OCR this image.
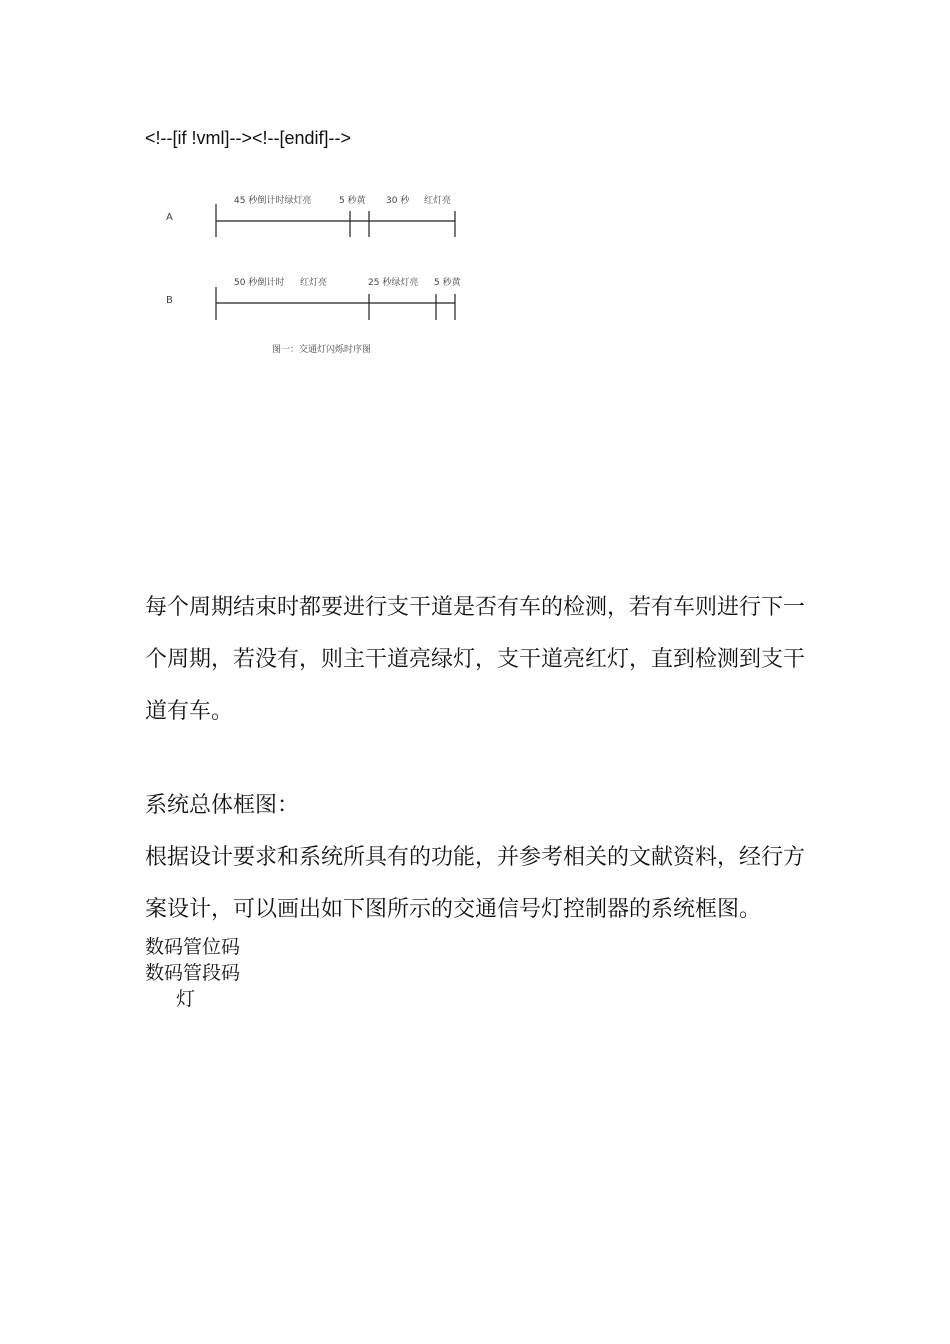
<!--[if !vml]--><!--[endif]-->
A
45 秒倒计时绿灯亮	5 秒黄 30 秒 红灯亮
B
50 秒倒计时 红灯亮	25 秒绿灯亮 5 秒黄
图一：交通灯闪烁时序图
每个周期结束时都要进行支干道是否有车的检测，若有车则进行下一个周期，若没有，则主干道亮绿灯，支干道亮红灯，直到检测到支干道有车。
系统总体框图：
根据设计要求和系统所具有的功能，并参考相关的文献资料，经行方案设计，可以画出如下图所示的交通信号灯控制器的系统框图。
数码管位码
数码管段码
灯
